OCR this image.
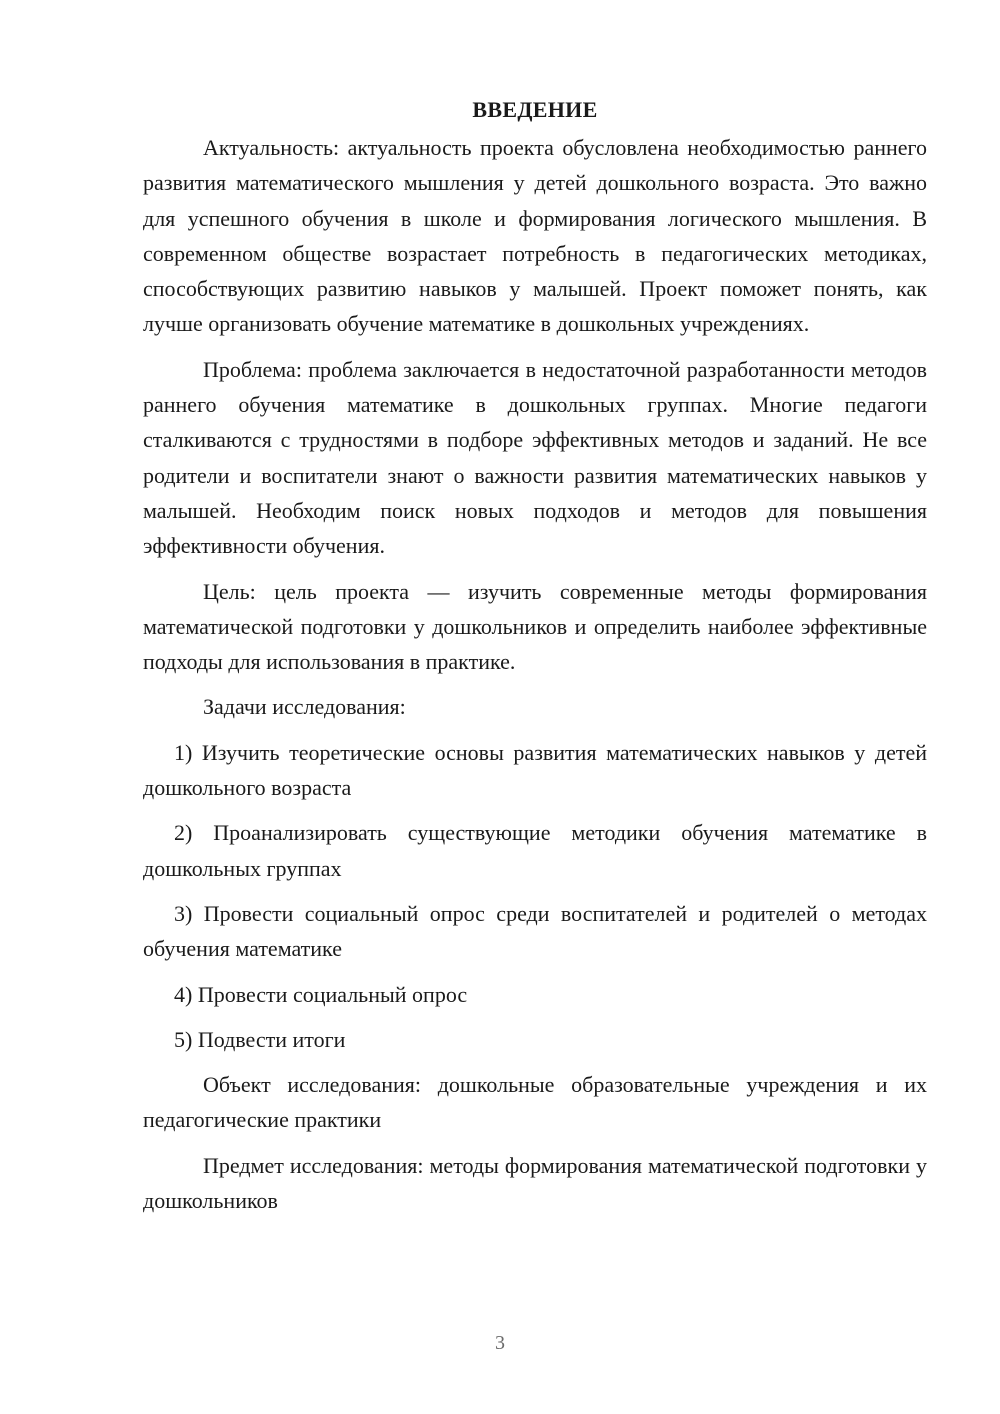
ВВЕДЕНИЕ

Актуальность: актуальность проекта обусловлена необходимостью раннего развития математического мышления у детей дошкольного возраста. Это важно для успешного обучения в школе и формирования логического мышления. В современном обществе возрастает потребность в педагогических методиках, способствующих развитию навыков у малышей. Проект поможет понять, как лучше организовать обучение математике в дошкольных учреждениях.

Проблема: проблема заключается в недостаточной разработанности методов раннего обучения математике в дошкольных группах. Многие педагоги сталкиваются с трудностями в подборе эффективных методов и заданий. Не все родители и воспитатели знают о важности развития математических навыков у малышей. Необходим поиск новых подходов и методов для повышения эффективности обучения.

Цель: цель проекта — изучить современные методы формирования математической подготовки у дошкольников и определить наиболее эффективные подходы для использования в практике.

Задачи исследования:

1) Изучить теоретические основы развития математических навыков у детей дошкольного возраста

2) Проанализировать существующие методики обучения математике в дошкольных группах

3) Провести социальный опрос среди воспитателей и родителей о методах обучения математике

4) Провести социальный опрос

5) Подвести итоги

Объект исследования: дошкольные образовательные учреждения и их педагогические практики

Предмет исследования: методы формирования математической подготовки у дошкольников

3
